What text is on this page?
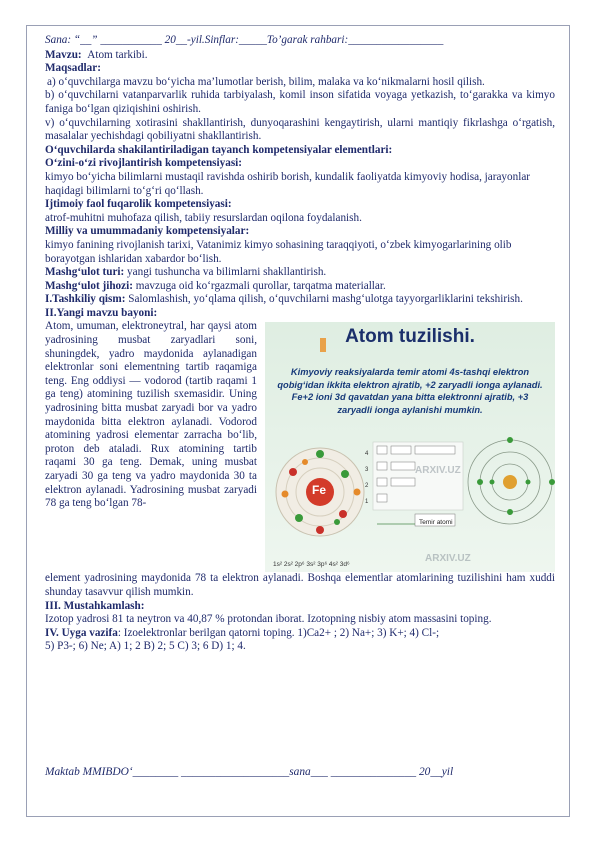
Sana: “__” ___________ 20__-yil.Sinflar:_____To’garak rahbari:_________________

Mavzu: Atom tarkibi.

Maqsadlar:

a) o‘quvchilarga mavzu bo‘yicha ma’lumotlar berish, bilim, malaka va ko‘nikmalarni hosil qilish.

b) o‘quvchilarni vatanparvarlik ruhida tarbiyalash, komil inson sifatida voyaga yetkazish, to‘garakka va kimyo faniga bo‘lgan qiziqishini oshirish.

v) o‘quvchilarning xotirasini shakllantirish, dunyoqarashini kengaytirish, ularni mantiqiy fikrlashga o‘rgatish, masalalar yechishdagi qobiliyatni shakllantirish.

O‘quvchilarda shakilantiriladigan tayanch kompetensiyalar elementlari:

O‘zini-o‘zi rivojlantirish kompetensiyasi:

kimyo bo‘yicha bilimlarni mustaqil ravishda oshirib borish, kundalik faoliyatda kimyoviy hodisa, jarayonlar haqidagi bilimlarni to‘g‘ri qo‘llash.

Ijtimoiy faol fuqarolik kompetensiyasi:

atrof-muhitni muhofaza qilish, tabiiy resurslardan oqilona foydalanish.

Milliy va umummadaniy kompetensiyalar:

kimyo fanining rivojlanish tarixi, Vatanimiz kimyo sohasining taraqqiyoti, o‘zbek kimyogarlarining olib borayotgan ishlaridan xabardor bo‘lish.

Mashg‘ulot turi: yangi tushuncha va bilimlarni shakllantirish.

Mashg‘ulot jihozi: mavzuga oid ko‘rgazmali qurollar, tarqatma materiallar.

I.Tashkiliy qism: Salomlashish, yo‘qlama qilish, o‘quvchilarni mashg‘ulotga tayyorgarliklarini tekshirish.

II.Yangi mavzu bayoni:

Atom, umuman, elektroneytral, har qaysi atom yadrosining musbat zaryadlari soni, shuningdek, yadro maydonida aylanadigan elektronlar soni elementning tartib raqamiga teng. Eng oddiysi — vodorod (tartib raqami 1 ga teng) atomining tuzilish sxemasidir. Uning yadrosining bitta musbat zaryadi bor va yadro maydonida bitta elektron aylanadi. Vodorod atomining yadrosi elementar zarracha bo‘lib, proton deb ataladi. Rux atomining tartib raqami 30 ga teng. Demak, uning musbat zaryadi 30 ga teng va yadro maydonida 30 ta elektron aylanadi. Yadrosining musbat zaryadi 78 ga teng bo‘lgan 78-

Atom tuzilishi.
Kimyoviy reaksiyalarda temir atomi 4s-tashqi elektron qobig‘idan ikkita elektron ajratib, +2 zaryadli ionga aylanadi. Fe+2 ioni 3d qavatdan yana bitta elektronni ajratib, +3 zaryadli ionga aylanishi mumkin.
Fe
4
3
2
1
Temir atomi
1s² 2s² 2p⁶ 3s² 3p⁶ 4s² 3d⁶
ARXIV.UZ
ARXIV.UZ

element yadrosining maydonida 78 ta elektron aylanadi. Boshqa elementlar atomlarining tuzilishini ham xuddi shunday tasavvur qilish mumkin.

III. Mustahkamlash:

Izotop yadrosi 81 ta neytron va 40,87 % protondan iborat. Izotopning nisbiy atom massasini toping.

IV. Uyga vazifa: Izoelektronlar berilgan qatorni toping. 1)Ca2+ ; 2) Na+; 3) K+; 4) Cl-;

5) P3-; 6) Ne; A) 1; 2 B) 2; 5 C) 3; 6 D) 1; 4.

Maktab MMIBDO‘________ ___________________sana___ _______________ 20__yil
